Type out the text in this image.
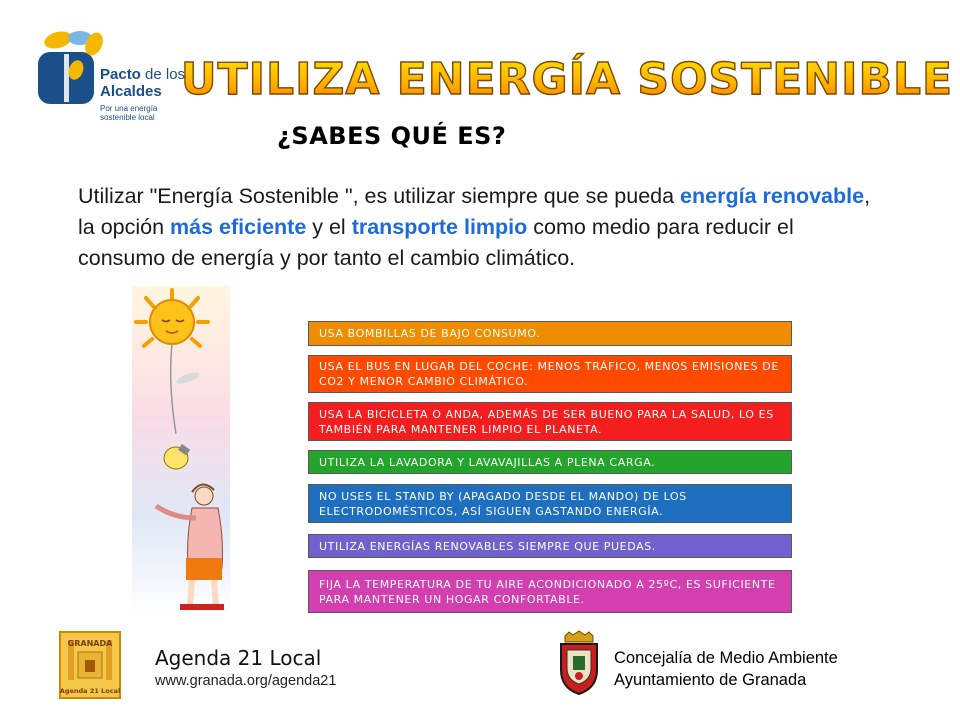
Pacto de los
Alcaldes
Por una energía
sostenible local
UTILIZA ENERGÍA SOSTENIBLE
¿SABES QUÉ ES?
Utilizar "Energía Sostenible ", es utilizar siempre que se pueda energía renovable, la opción más eficiente y el transporte limpio como medio para reducir el consumo de energía y por tanto el cambio climático.
USA BOMBILLAS DE BAJO CONSUMO.
USA EL BUS EN LUGAR DEL COCHE: MENOS TRÁFICO, MENOS EMISIONES DE CO2 Y MENOR CAMBIO CLIMÁTICO.
USA LA BICICLETA O ANDA, ADEMÁS DE SER BUENO PARA LA SALUD, LO ES TAMBIÉN PARA MANTENER LIMPIO EL PLANETA.
UTILIZA LA LAVADORA Y LAVAVAJILLAS A PLENA CARGA.
NO USES EL STAND BY (APAGADO DESDE EL MANDO) DE LOS ELECTRODOMÉSTICOS, ASÍ SIGUEN GASTANDO ENERGÍA.
UTILIZA ENERGÍAS RENOVABLES SIEMPRE QUE PUEDAS.
FIJA LA TEMPERATURA DE TU AIRE ACONDICIONADO A 25ºC, ES SUFICIENTE PARA MANTENER UN HOGAR CONFORTABLE.
GRANADA
Agenda 21 Local
Agenda 21 Local
www.granada.org/agenda21
Concejalía de Medio Ambiente
Ayuntamiento de Granada
